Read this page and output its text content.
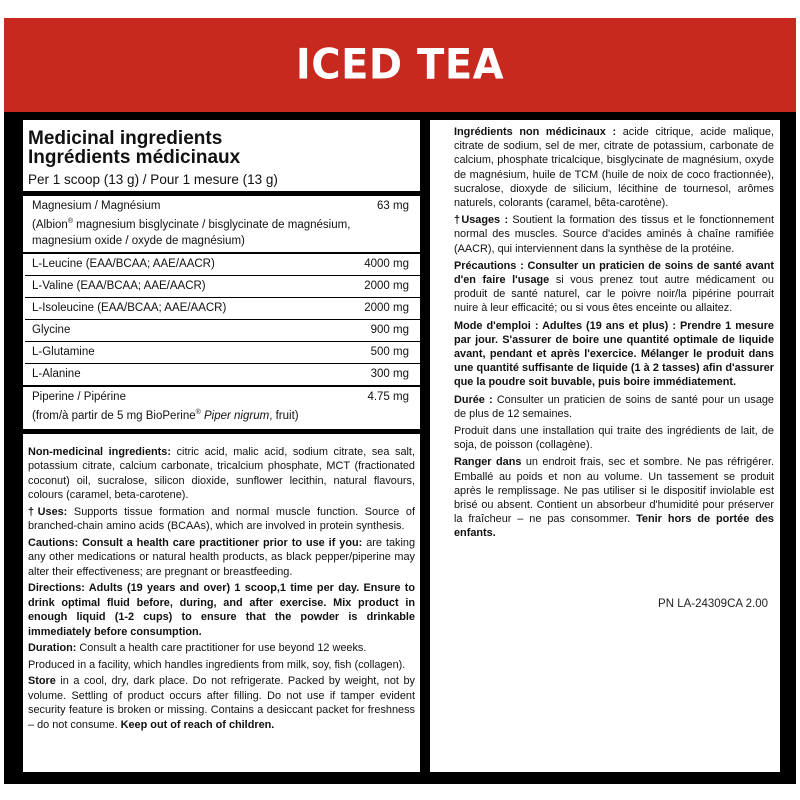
ICED TEA
Medicinal ingredients
Ingrédients médicinaux
Per 1 scoop (13 g) / Pour 1 mesure (13 g)
Magnesium / Magnésium	63 mg
(Albion® magnesium bisglycinate / bisglycinate de magnésium,
magnesium oxide / oxyde de magnésium)
L-Leucine (EAA/BCAA; AAE/AACR)	4000 mg
L-Valine (EAA/BCAA; AAE/AACR)	2000 mg
L-Isoleucine (EAA/BCAA; AAE/AACR)	2000 mg
Glycine	900 mg
L-Glutamine	500 mg
L-Alanine	300 mg
Piperine / Pipérine	4.75 mg
(from/à partir de 5 mg BioPerine® Piper nigrum, fruit)

Non-medicinal ingredients: citric acid, malic acid, sodium citrate, sea salt, potassium citrate, calcium carbonate, tricalcium phosphate, MCT (fractionated coconut) oil, sucralose, silicon dioxide, sunflower lecithin, natural flavours, colours (caramel, beta-carotene).

†Uses: Supports tissue formation and normal muscle function. Source of branched-chain amino acids (BCAAs), which are involved in protein synthesis.

Cautions: Consult a health care practitioner prior to use if you: are taking any other medications or natural health products, as black pepper/piperine may alter their effectiveness; are pregnant or breastfeeding.

Directions: Adults (19 years and over) 1 scoop,1 time per day. Ensure to drink optimal fluid before, during, and after exercise. Mix product in enough liquid (1-2 cups) to ensure that the powder is drinkable immediately before consumption.

Duration: Consult a health care practitioner for use beyond 12 weeks.

Produced in a facility, which handles ingredients from milk, soy, fish (collagen).

Store in a cool, dry, dark place. Do not refrigerate. Packed by weight, not by volume. Settling of product occurs after filling. Do not use if tamper evident security feature is broken or missing. Contains a desiccant packet for freshness – do not consume. Keep out of reach of children.

Ingrédients non médicinaux : acide citrique, acide malique, citrate de sodium, sel de mer, citrate de potassium, carbonate de calcium, phosphate tricalcique, bisglycinate de magnésium, oxyde de magnésium, huile de TCM (huile de noix de coco fractionnée), sucralose, dioxyde de silicium, lécithine de tournesol, arômes naturels, colorants (caramel, bêta-carotène).

†Usages : Soutient la formation des tissus et le fonctionnement normal des muscles. Source d'acides aminés à chaîne ramifiée (AACR), qui interviennent dans la synthèse de la protéine.

Précautions : Consulter un praticien de soins de santé avant d'en faire l'usage si vous prenez tout autre médicament ou produit de santé naturel, car le poivre noir/la pipérine pourrait nuire à leur efficacité; ou si vous êtes enceinte ou allaitez.

Mode d'emploi : Adultes (19 ans et plus) : Prendre 1 mesure par jour. S'assurer de boire une quantité optimale de liquide avant, pendant et après l'exercice. Mélanger le produit dans une quantité suffisante de liquide (1 à 2 tasses) afin d'assurer que la poudre soit buvable, puis boire immédiatement.

Durée : Consulter un praticien de soins de santé pour un usage de plus de 12 semaines.

Produit dans une installation qui traite des ingrédients de lait, de soja, de poisson (collagène).

Ranger dans un endroit frais, sec et sombre. Ne pas réfrigérer. Emballé au poids et non au volume. Un tassement se produit après le remplissage. Ne pas utiliser si le dispositif inviolable est brisé ou absent. Contient un absorbeur d'humidité pour préserver la fraîcheur – ne pas consommer. Tenir hors de portée des enfants.

PN LA-24309CA 2.00
